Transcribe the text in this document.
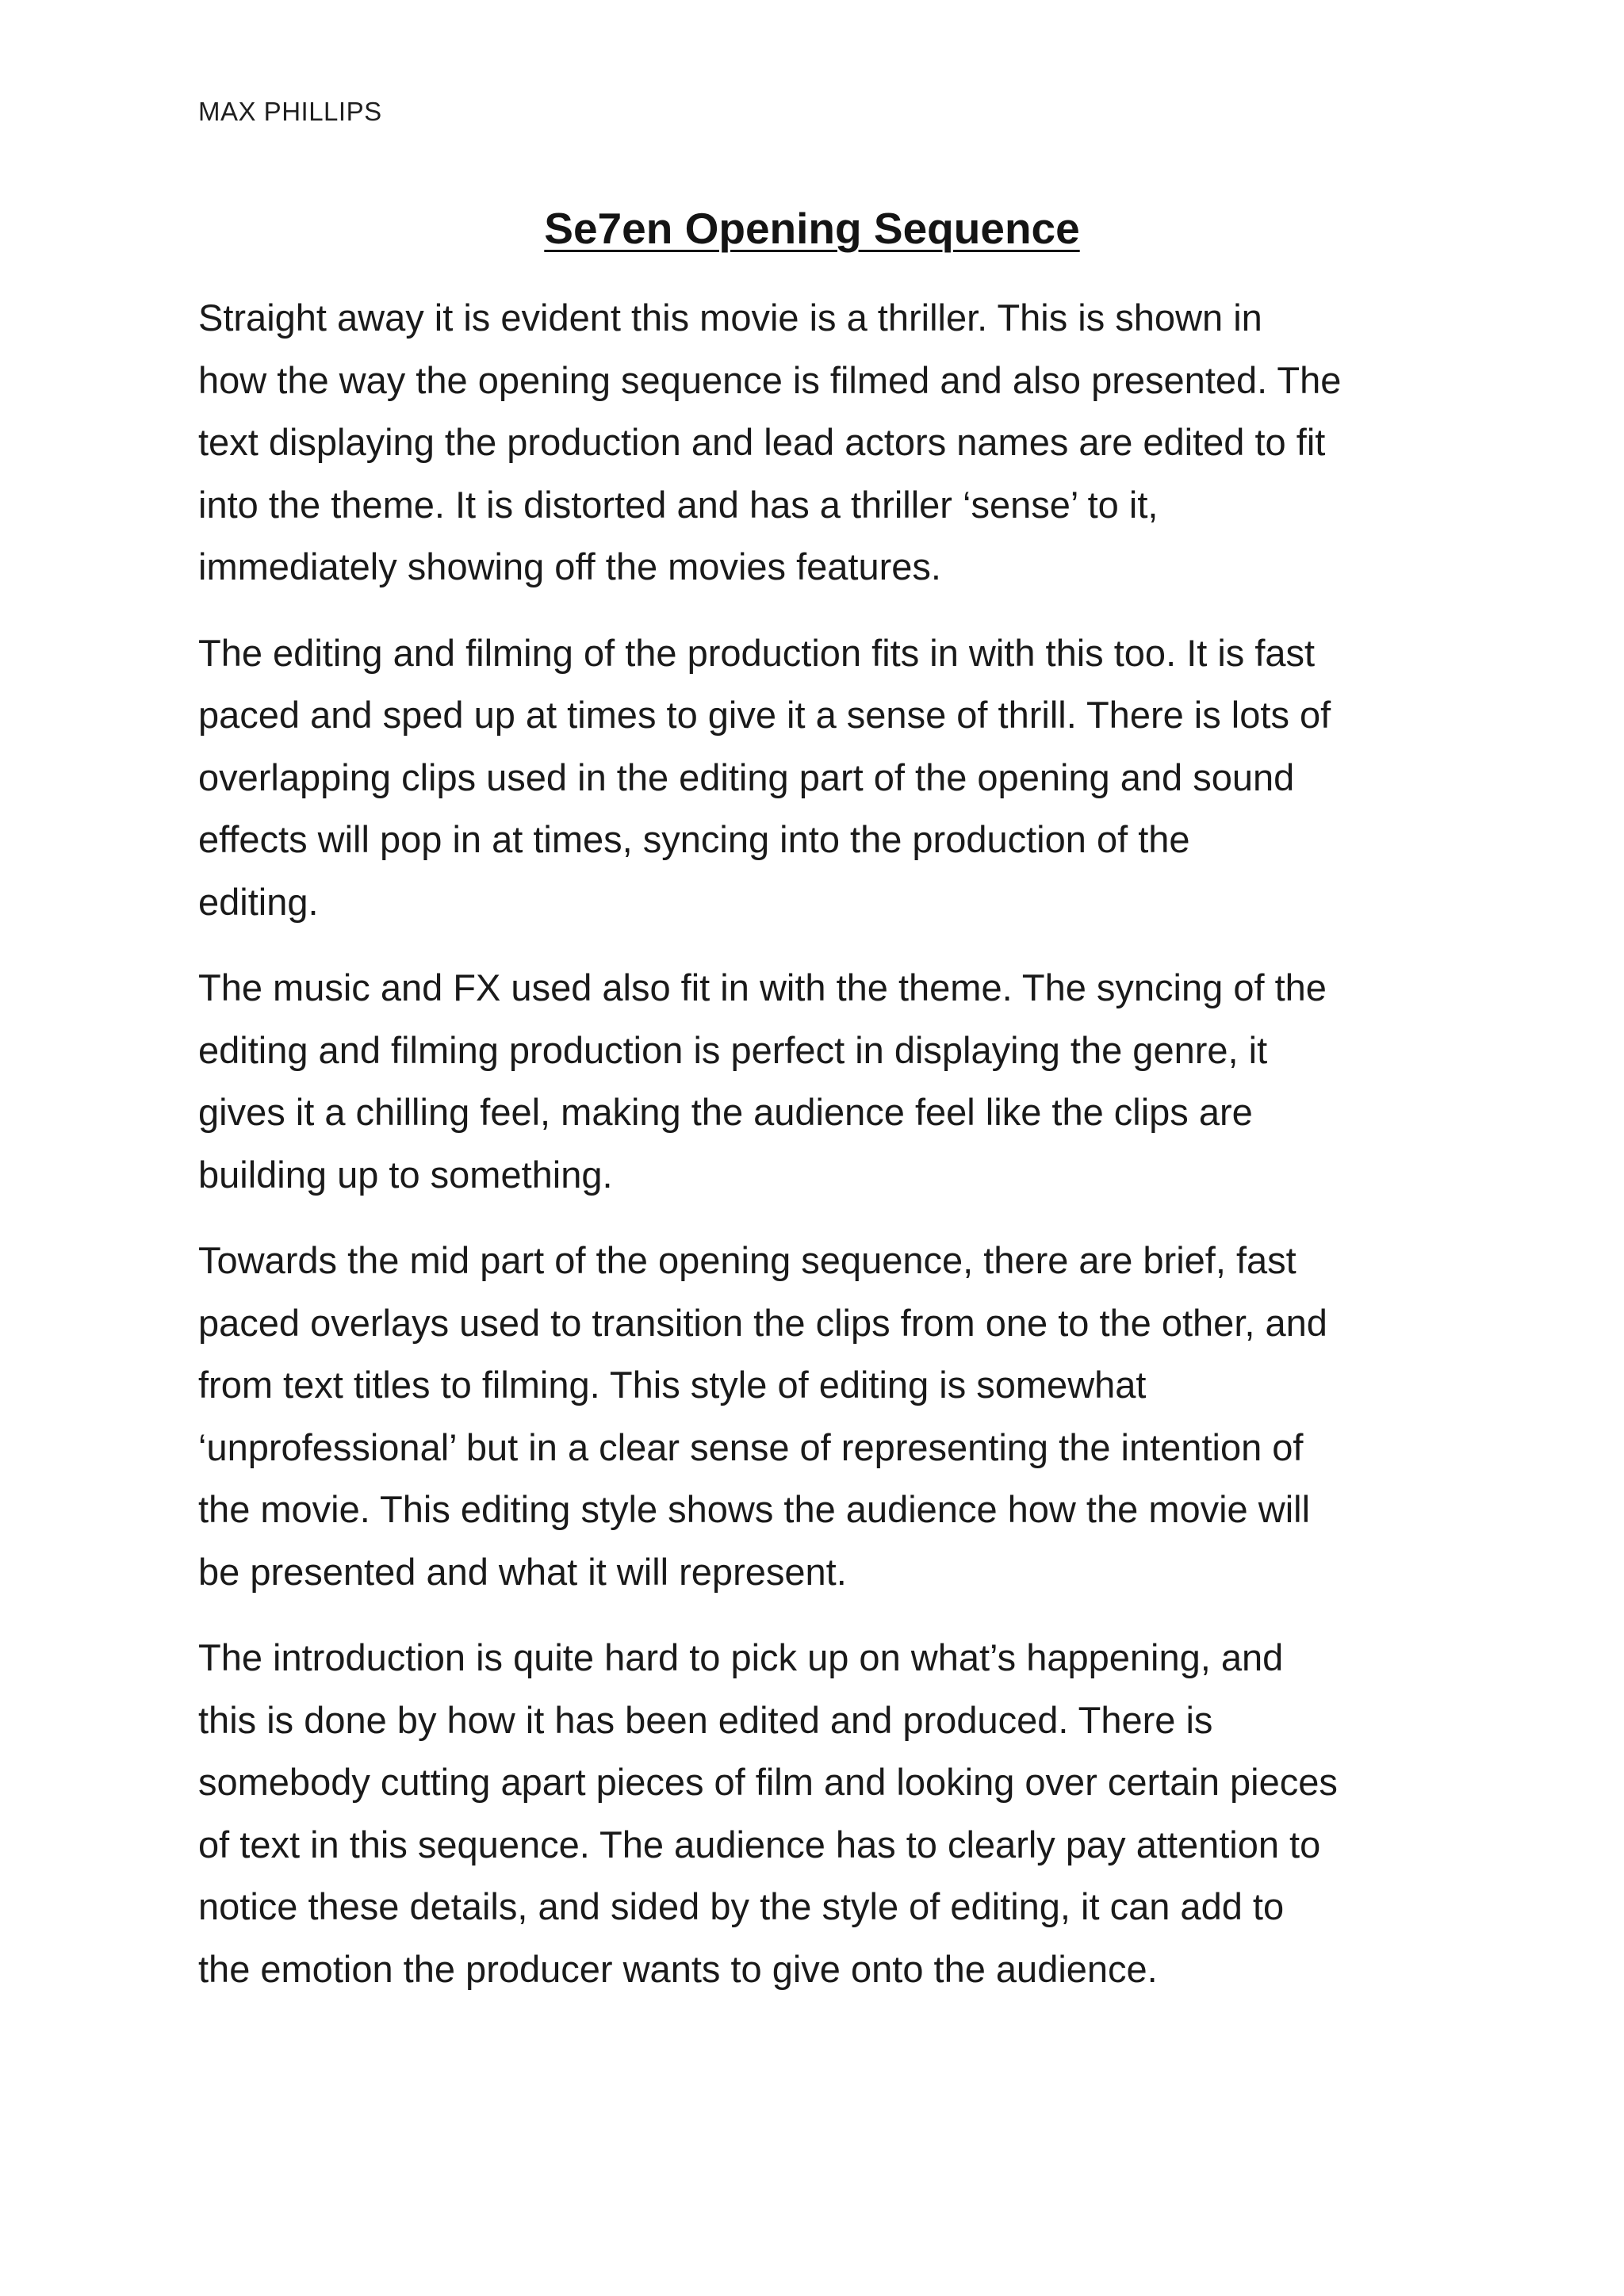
MAX PHILLIPS
Se7en Opening Sequence

Straight away it is evident this movie is a thriller. This is shown in
how the way the opening sequence is filmed and also presented. The
text displaying the production and lead actors names are edited to fit
into the theme. It is distorted and has a thriller ‘sense’ to it,
immediately showing off the movies features.

The editing and filming of the production fits in with this too. It is fast
paced and sped up at times to give it a sense of thrill. There is lots of
overlapping clips used in the editing part of the opening and sound
effects will pop in at times, syncing into the production of the
editing.

The music and FX used also fit in with the theme. The syncing of the
editing and filming production is perfect in displaying the genre, it
gives it a chilling feel, making the audience feel like the clips are
building up to something.

Towards the mid part of the opening sequence, there are brief, fast
paced overlays used to transition the clips from one to the other, and
from text titles to filming. This style of editing is somewhat
‘unprofessional’ but in a clear sense of representing the intention of
the movie. This editing style shows the audience how the movie will
be presented and what it will represent.

The introduction is quite hard to pick up on what’s happening, and
this is done by how it has been edited and produced. There is
somebody cutting apart pieces of film and looking over certain pieces
of text in this sequence. The audience has to clearly pay attention to
notice these details, and sided by the style of editing, it can add to
the emotion the producer wants to give onto the audience.
